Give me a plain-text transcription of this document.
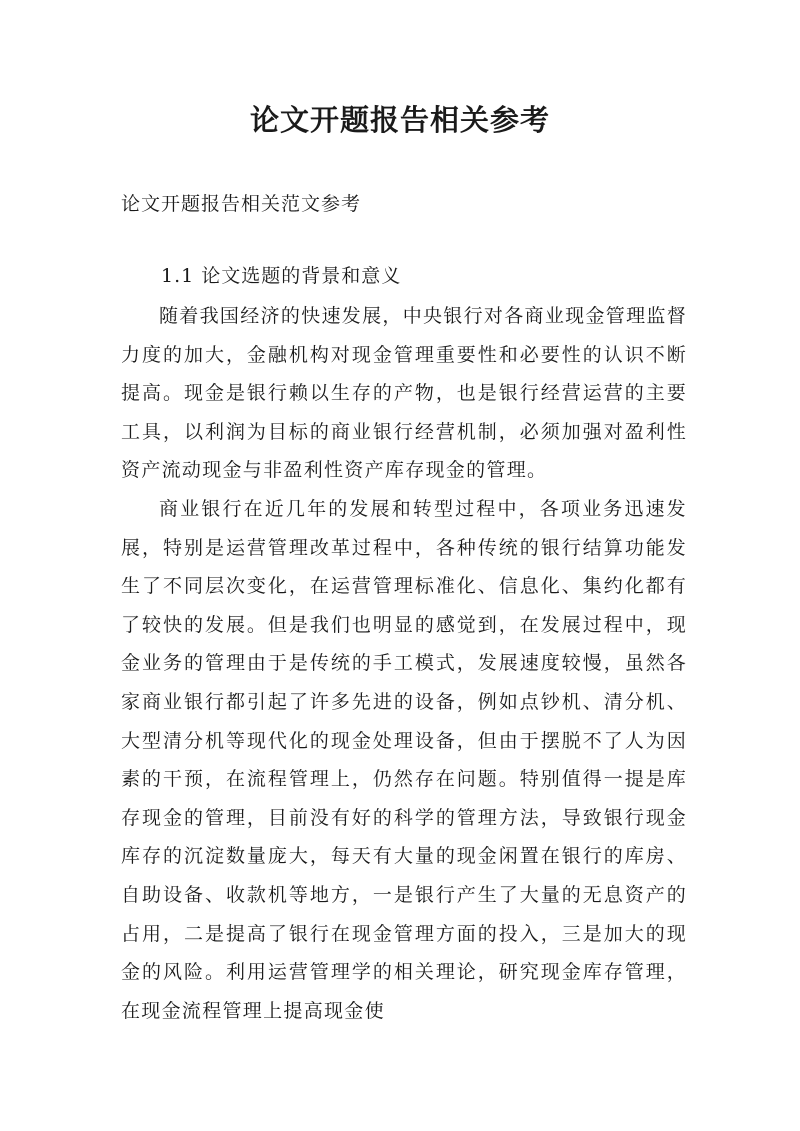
论文开题报告相关参考
论文开题报告相关范文参考
1.1 论文选题的背景和意义

随着我国经济的快速发展，中央银行对各商业现金管理监督力度的加大，金融机构对现金管理重要性和必要性的认识不断提高。现金是银行赖以生存的产物，也是银行经营运营的主要工具，以利润为目标的商业银行经营机制，必须加强对盈利性资产流动现金与非盈利性资产库存现金的管理。

商业银行在近几年的发展和转型过程中，各项业务迅速发展，特别是运营管理改革过程中，各种传统的银行结算功能发生了不同层次变化，在运营管理标准化、信息化、集约化都有了较快的发展。但是我们也明显的感觉到，在发展过程中，现金业务的管理由于是传统的手工模式，发展速度较慢，虽然各家商业银行都引起了许多先进的设备，例如点钞机、清分机、大型清分机等现代化的现金处理设备，但由于摆脱不了人为因素的干预，在流程管理上，仍然存在问题。特别值得一提是库存现金的管理，目前没有好的科学的管理方法，导致银行现金库存的沉淀数量庞大，每天有大量的现金闲置在银行的库房、自助设备、收款机等地方，一是银行产生了大量的无息资产的占用，二是提高了银行在现金管理方面的投入，三是加大的现金的风险。利用运营管理学的相关理论，研究现金库存管理，在现金流程管理上提高现金使
